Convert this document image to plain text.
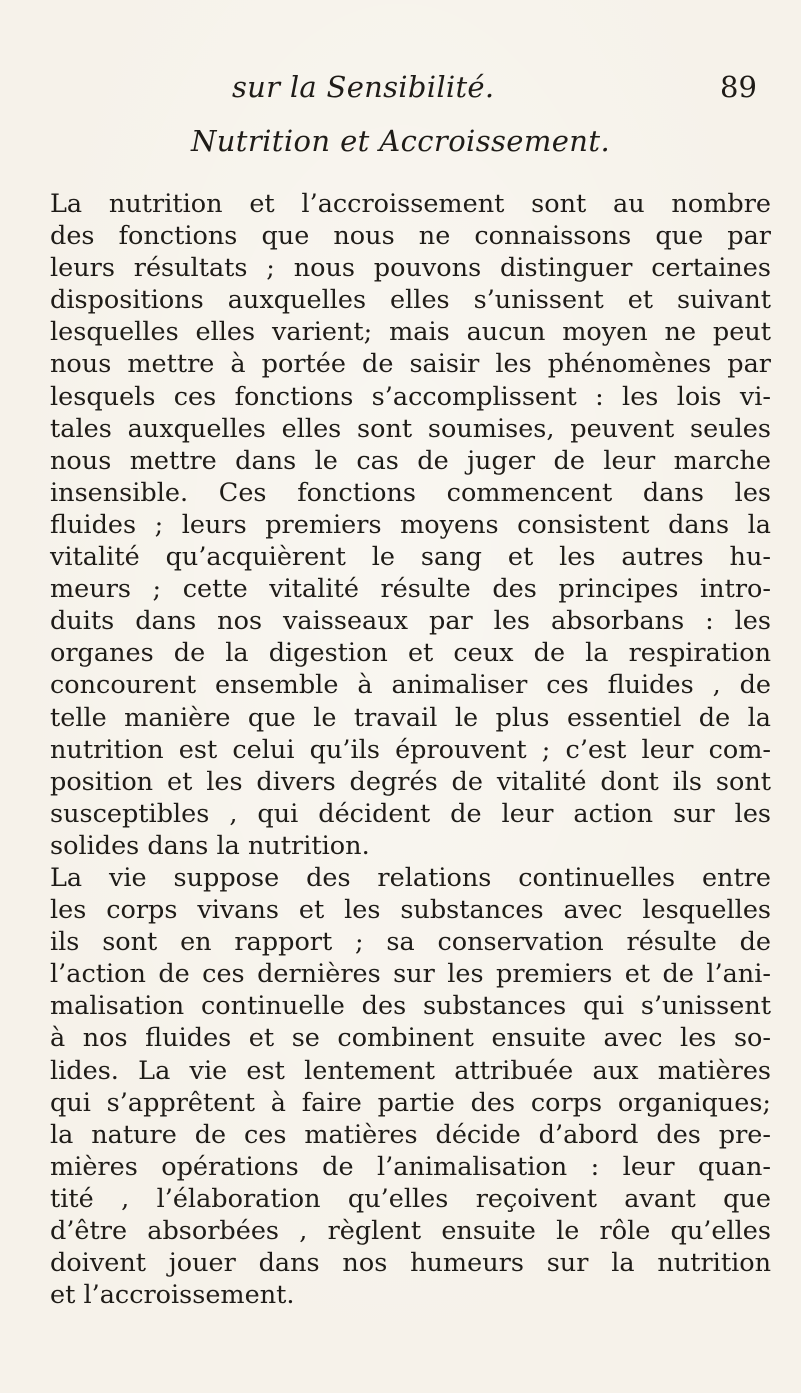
sur la Sensibilité.	89
Nutrition et Accroissement.
La nutrition et l’accroissement sont au nombre
des fonctions que nous ne connaissons que par
leurs résultats ; nous pouvons distinguer certaines
dispositions auxquelles elles s’unissent et suivant
lesquelles elles varient; mais aucun moyen ne peut
nous mettre à portée de saisir les phénomènes par
lesquels ces fonctions s’accomplissent : les lois vi-
tales auxquelles elles sont soumises, peuvent seules
nous mettre dans le cas de juger de leur marche
insensible. Ces fonctions commencent dans les
fluides ; leurs premiers moyens consistent dans la
vitalité qu’acquièrent le sang et les autres hu-
meurs ; cette vitalité résulte des principes intro-
duits dans nos vaisseaux par les absorbans : les
organes de la digestion et ceux de la respiration
concourent ensemble à animaliser ces fluides , de
telle manière que le travail le plus essentiel de la
nutrition est celui qu’ils éprouvent ; c’est leur com-
position et les divers degrés de vitalité dont ils sont
susceptibles , qui décident de leur action sur les
solides dans la nutrition.
La vie suppose des relations continuelles entre
les corps vivans et les substances avec lesquelles
ils sont en rapport ; sa conservation résulte de
l’action de ces dernières sur les premiers et de l’ani-
malisation continuelle des substances qui s’unissent
à nos fluides et se combinent ensuite avec les so-
lides. La vie est lentement attribuée aux matières
qui s’apprêtent à faire partie des corps organiques;
la nature de ces matières décide d’abord des pre-
mières opérations de l’animalisation : leur quan-
tité , l’élaboration qu’elles reçoivent avant que
d’être absorbées , règlent ensuite le rôle qu’elles
doivent jouer dans nos humeurs sur la nutrition
et l’accroissement.
